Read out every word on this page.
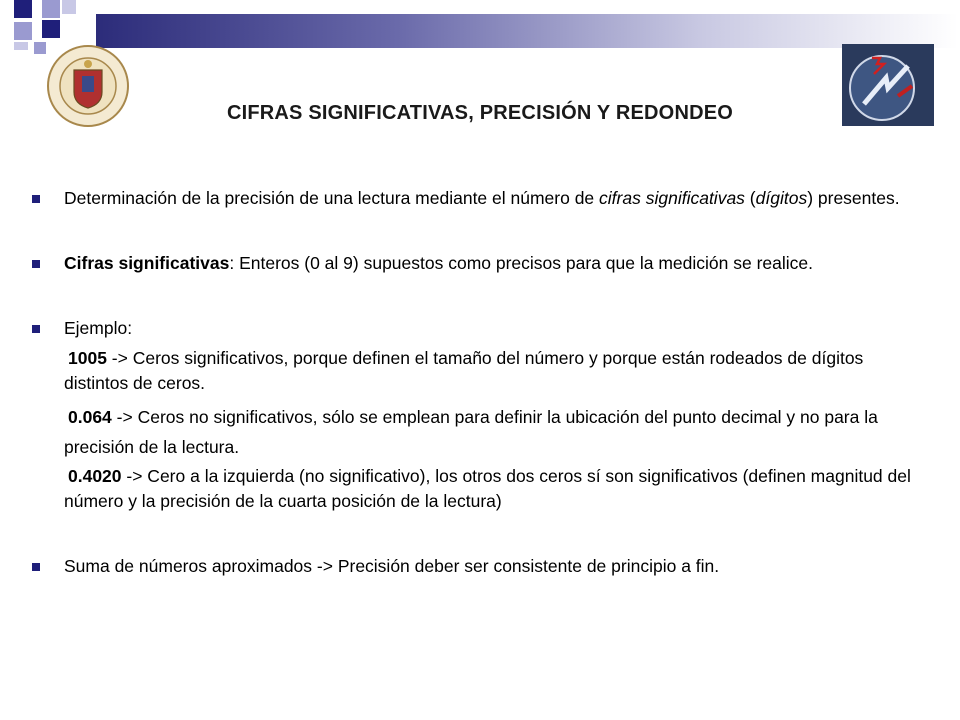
CIFRAS SIGNIFICATIVAS, PRECISIÓN Y REDONDEO
Determinación de la precisión de una lectura mediante el número de cifras significativas (dígitos) presentes.
Cifras significativas: Enteros (0 al 9) supuestos como precisos para que la medición se realice.
Ejemplo:
1005 -> Ceros significativos, porque definen el tamaño del número y porque están rodeados de dígitos distintos de ceros.
0.064 -> Ceros no significativos, sólo se emplean para definir la ubicación del punto decimal y no para la precisión de la lectura.
0.4020 -> Cero a la izquierda (no significativo), los otros dos ceros sí son significativos (definen magnitud del número y la precisión de la cuarta posición de la lectura)
Suma de números aproximados -> Precisión deber ser consistente de principio a fin.
